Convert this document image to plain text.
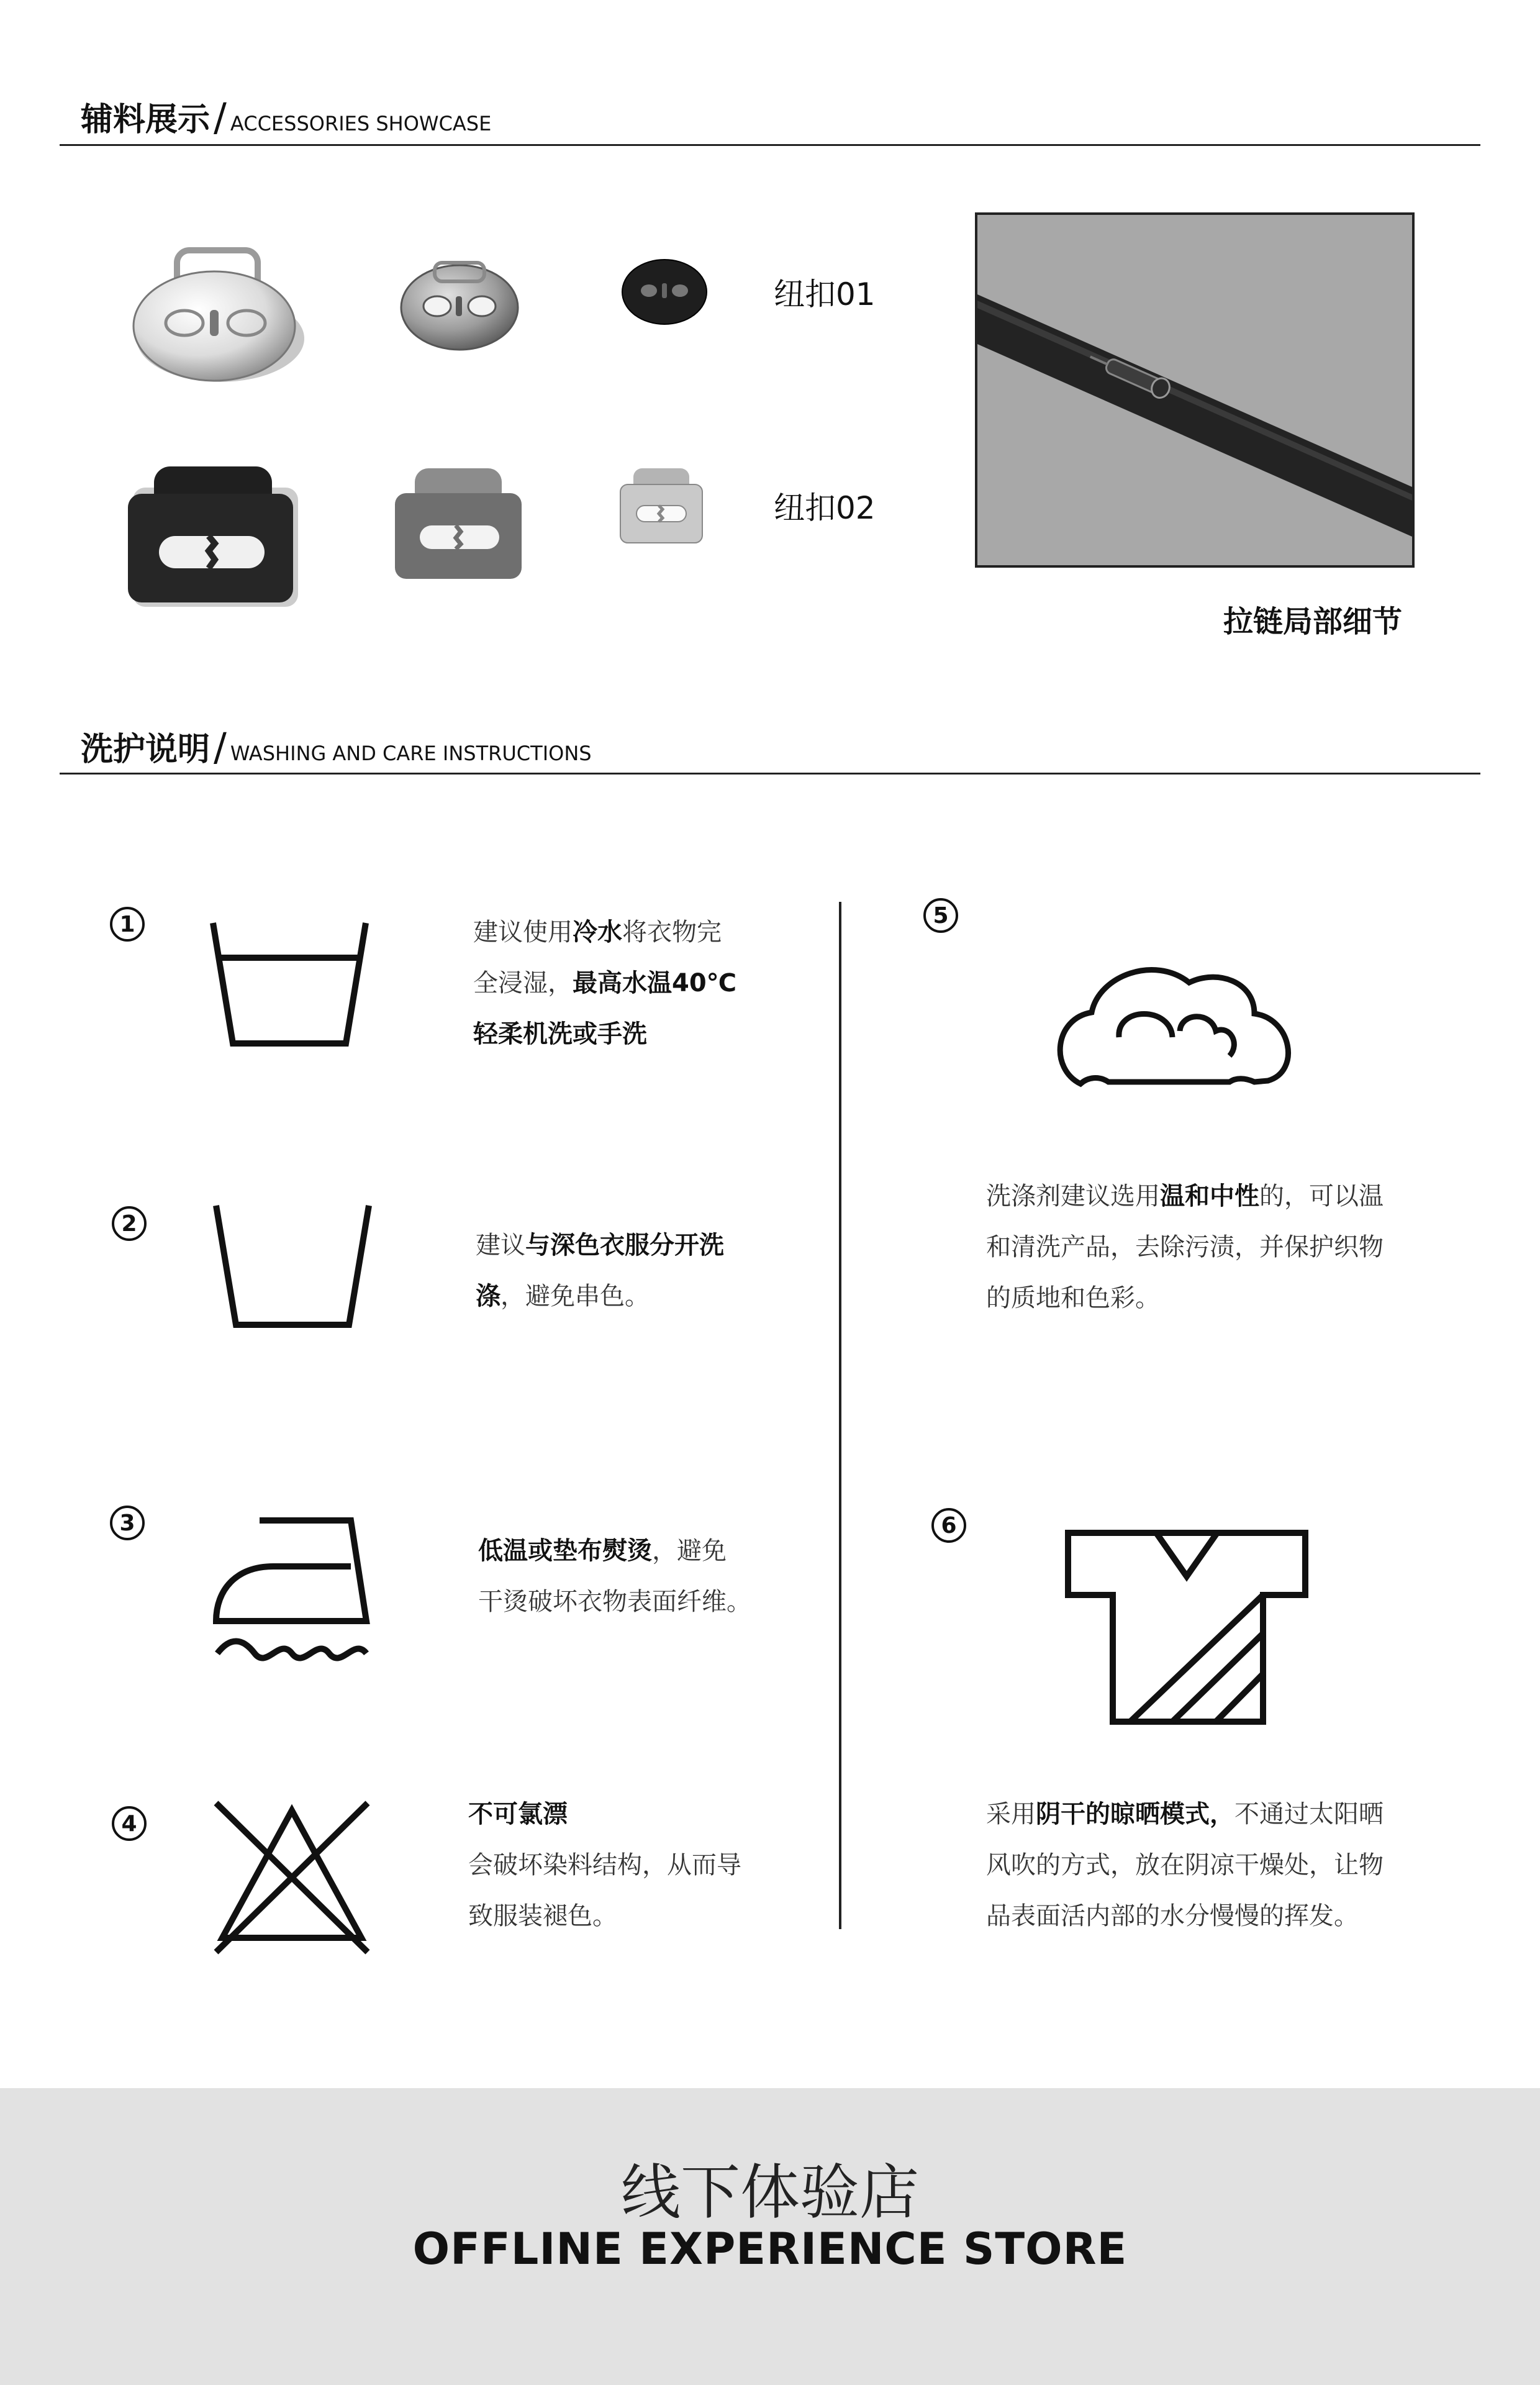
辅料展示 / ACCESSORIES SHOWCASE
纽扣01
纽扣02
拉链局部细节
洗护说明 / WASHING AND CARE INSTRUCTIONS
1	建议使用冷水将衣物完

全浸湿，最高水温40℃

轻柔机洗或手洗

2

建议与深色衣服分开洗

涤，避免串色。

3

低温或垫布熨烫，避免

干烫破坏衣物表面纤维。

4	不可氯漂

会破坏染料结构，从而导

致服装褪色。

5

洗涤剂建议选用温和中性的，可以温

和清洗产品，去除污渍，并保护织物

的质地和色彩。

6

采用阴干的晾晒模式，不通过太阳晒

风吹的方式，放在阴凉干燥处，让物

品表面活内部的水分慢慢的挥发。

线下体验店
OFFLINE EXPERIENCE STORE
